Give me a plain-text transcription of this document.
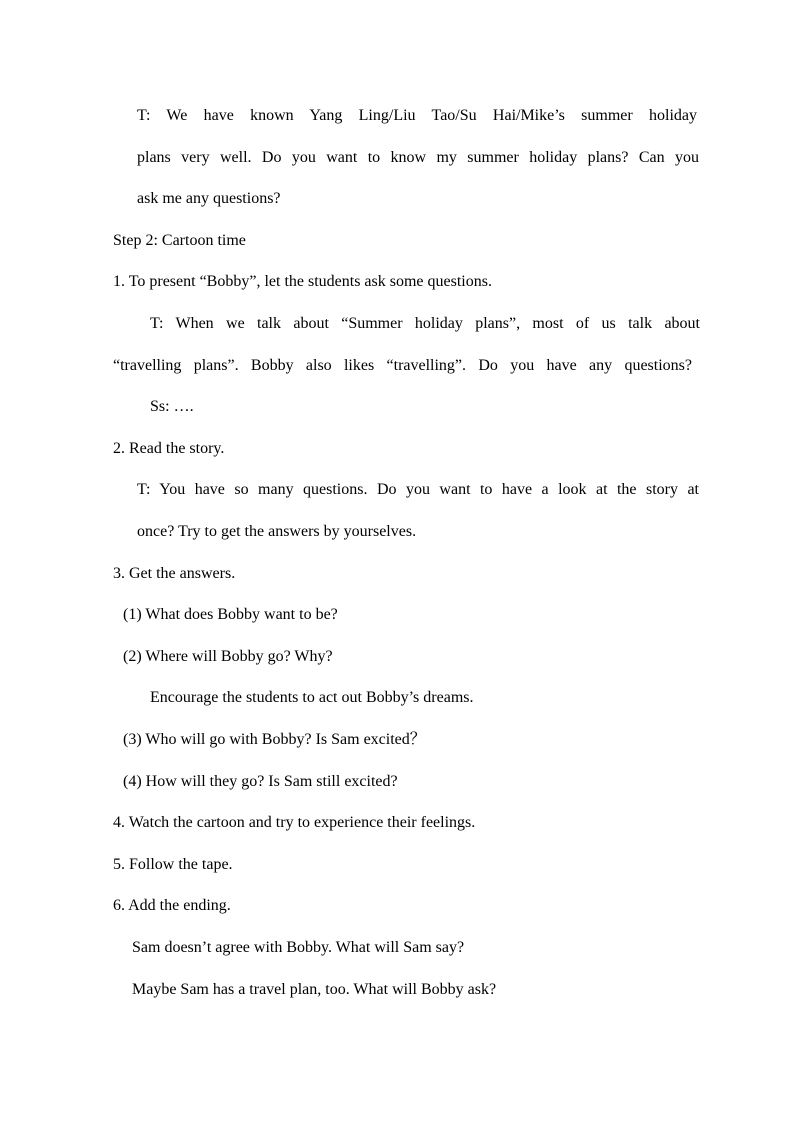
T: We have known Yang Ling/Liu Tao/Su Hai/Mike’s summer holiday
plans very well. Do you want to know my summer holiday plans? Can you
ask me any questions?
Step 2: Cartoon time
1. To present “Bobby”, let the students ask some questions.
T: When we talk about “Summer holiday plans”, most of us talk about
“travelling plans”. Bobby also likes “travelling”. Do you have any questions?
Ss: ….
2. Read the story.
T: You have so many questions. Do you want to have a look at the story at
once? Try to get the answers by yourselves.
3. Get the answers.
(1) What does Bobby want to be?
(2) Where will Bobby go? Why?
Encourage the students to act out Bobby’s dreams.
(3) Who will go with Bobby? Is Sam excited？
(4) How will they go? Is Sam still excited?
4. Watch the cartoon and try to experience their feelings.
5. Follow the tape.
6. Add the ending.
Sam doesn’t agree with Bobby. What will Sam say?
Maybe Sam has a travel plan, too. What will Bobby ask?
